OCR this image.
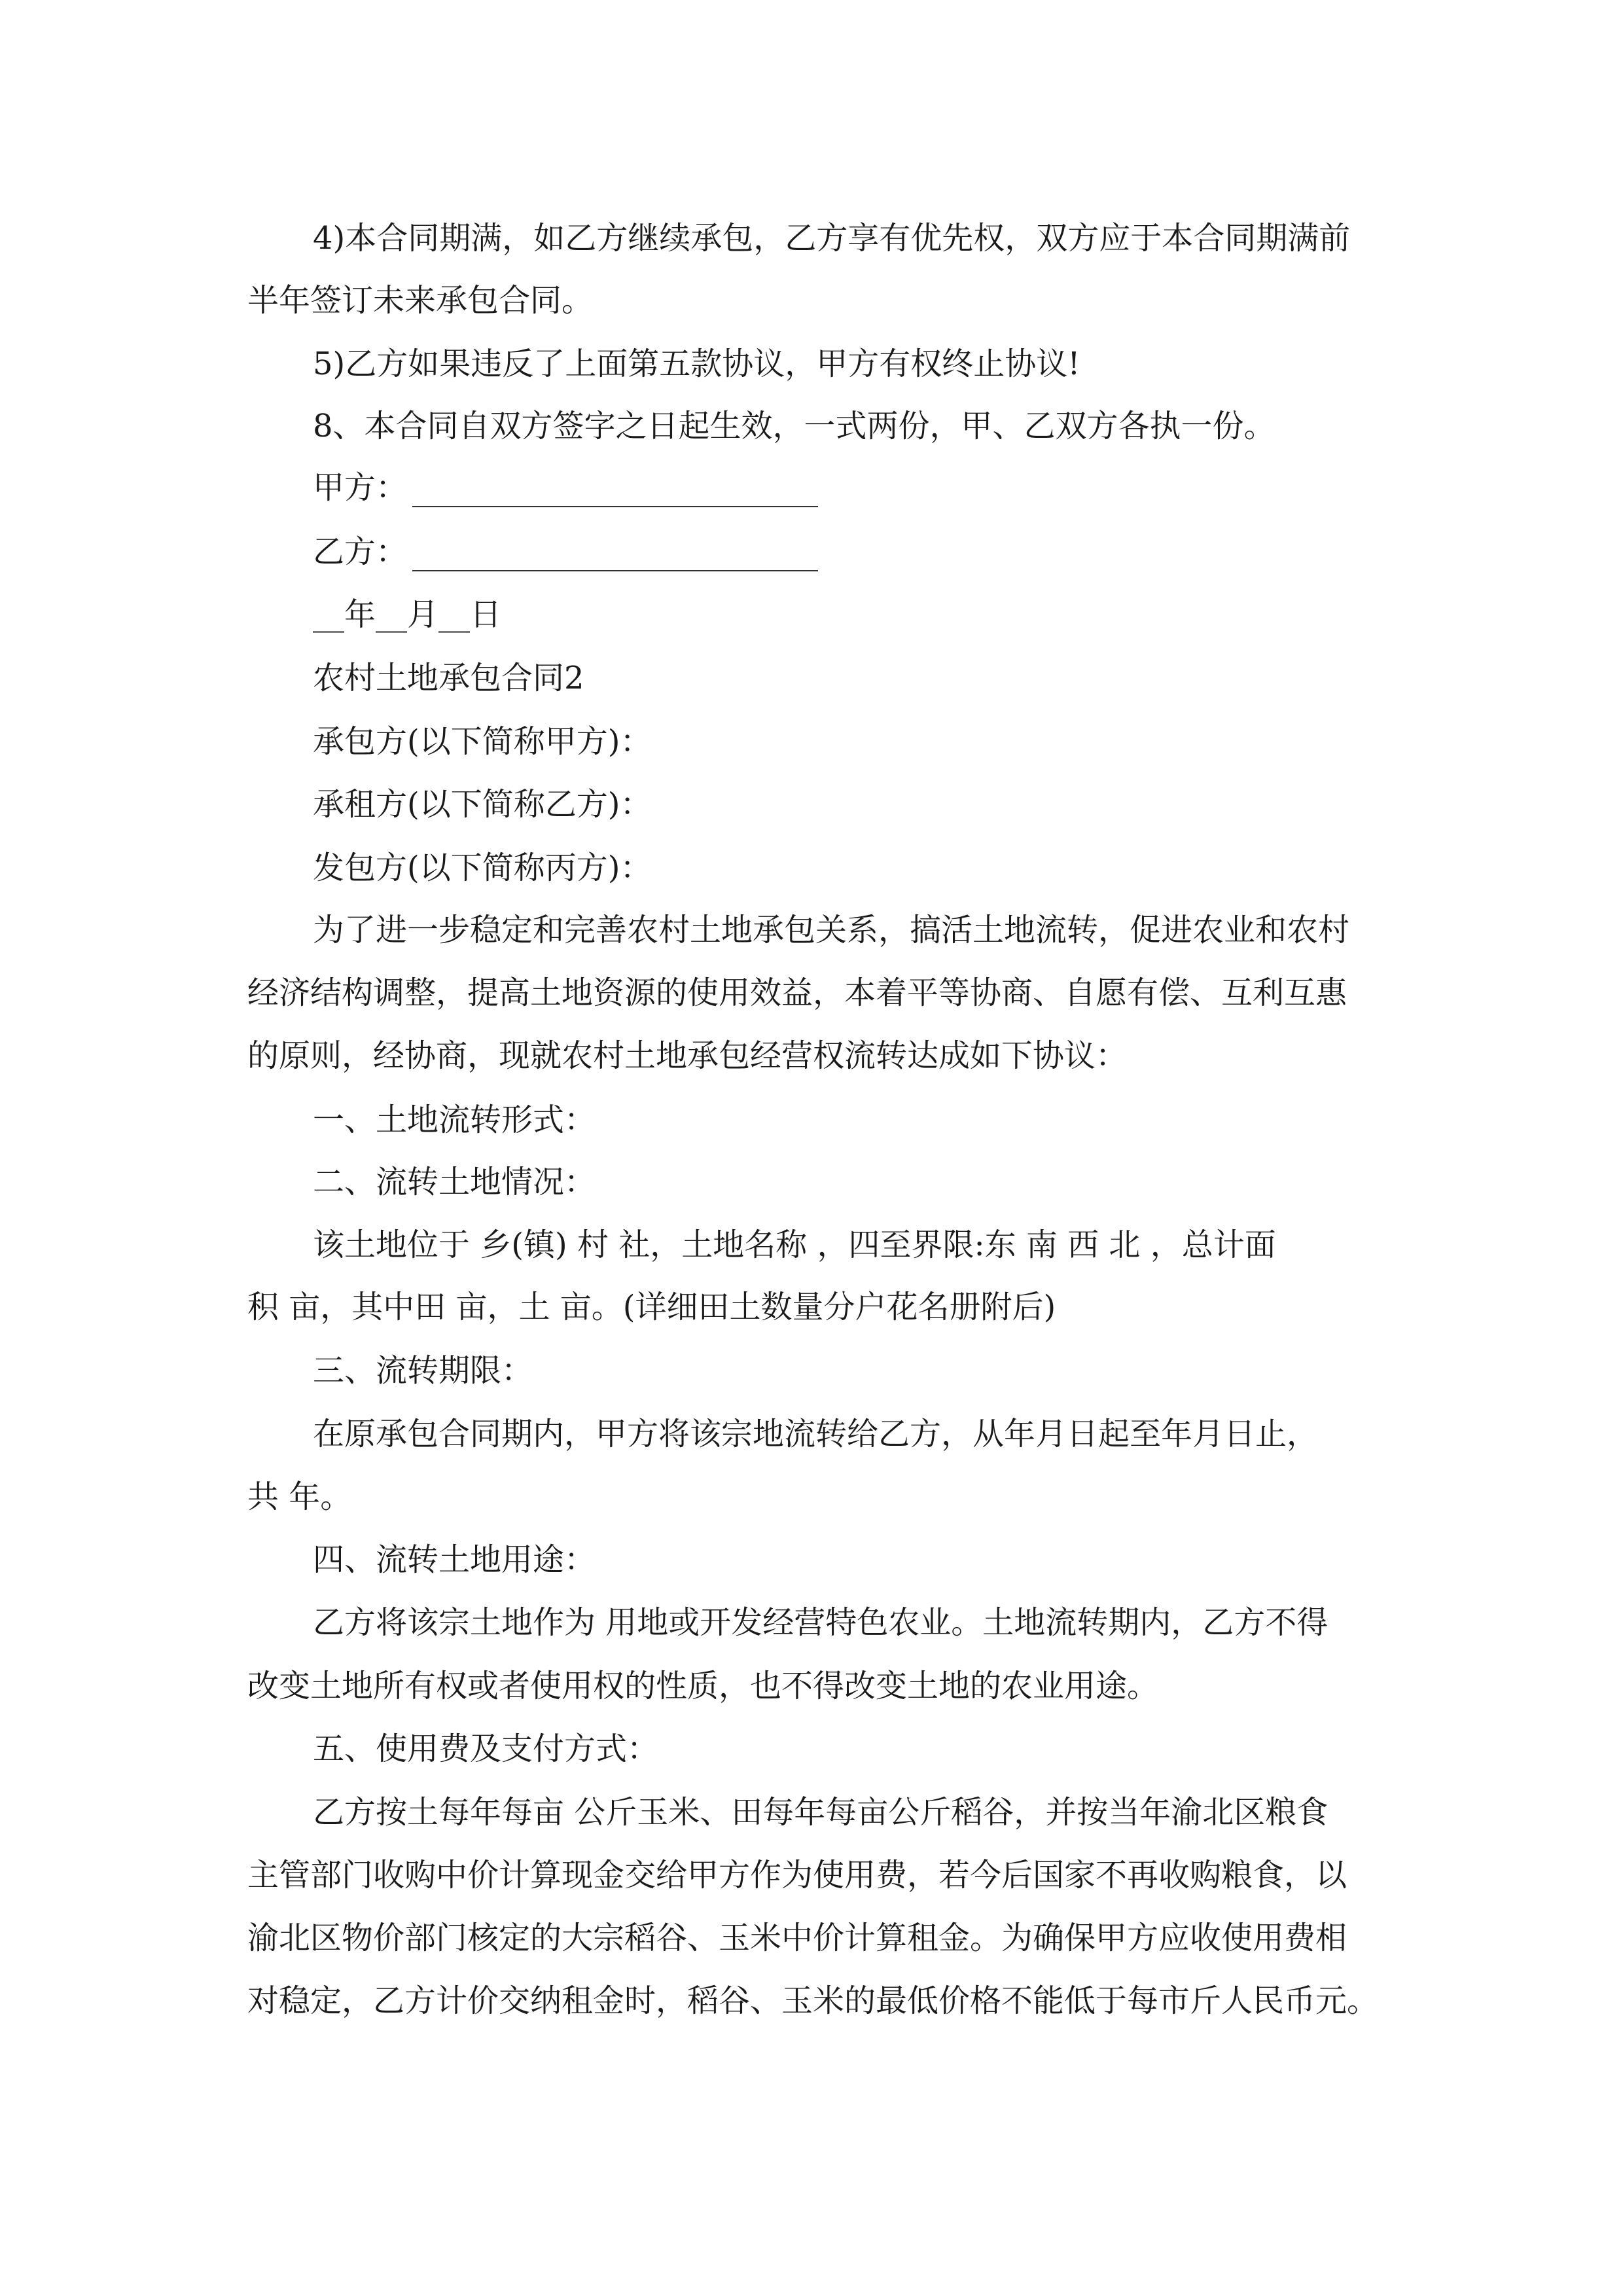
4)本合同期满，如乙方继续承包，乙方享有优先权，双方应于本合同期满前
半年签订未来承包合同。
5)乙方如果违反了上面第五款协议，甲方有权终止协议!
8、本合同自双方签字之日起生效，一式两份，甲、乙双方各执一份。
甲方：
乙方：
__年__月__日
农村土地承包合同2
承包方(以下简称甲方)：
承租方(以下简称乙方)：
发包方(以下简称丙方)：
为了进一步稳定和完善农村土地承包关系，搞活土地流转，促进农业和农村
经济结构调整，提高土地资源的使用效益，本着平等协商、自愿有偿、互利互惠
的原则，经协商，现就农村土地承包经营权流转达成如下协议：
一、土地流转形式：
二、流转土地情况：
该土地位于 乡(镇) 村 社，土地名称 ，四至界限:东 南 西 北 ，总计面
积 亩，其中田 亩，土 亩。(详细田土数量分户花名册附后)
三、流转期限：
在原承包合同期内，甲方将该宗地流转给乙方，从年月日起至年月日止，
共 年。
四、流转土地用途：
乙方将该宗土地作为 用地或开发经营特色农业。土地流转期内，乙方不得
改变土地所有权或者使用权的性质，也不得改变土地的农业用途。
五、使用费及支付方式：
乙方按土每年每亩 公斤玉米、田每年每亩公斤稻谷，并按当年渝北区粮食
主管部门收购中价计算现金交给甲方作为使用费，若今后国家不再收购粮食，以
渝北区物价部门核定的大宗稻谷、玉米中价计算租金。为确保甲方应收使用费相
对稳定，乙方计价交纳租金时，稻谷、玉米的最低价格不能低于每市斤人民币元。
